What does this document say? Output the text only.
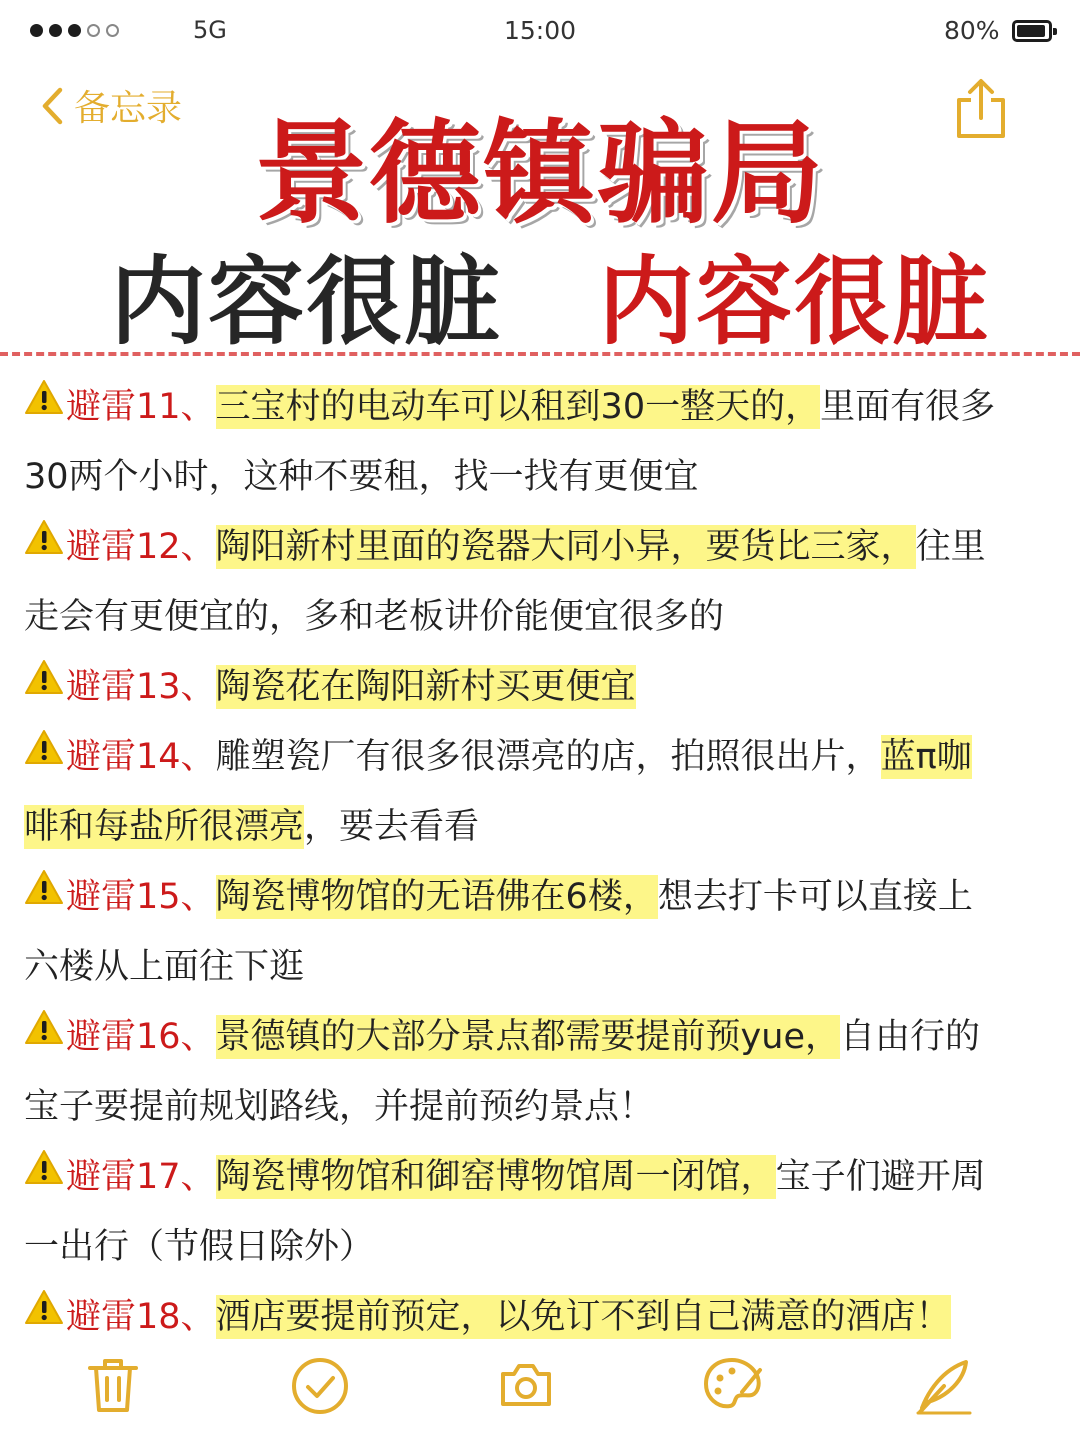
5G	15:00	80%
备忘录
景德镇骗局
内容很脏 内容很脏
避雷11、三宝村的电动车可以租到30一整天的，里面有很多
30两个小时，这种不要租，找一找有更便宜
避雷12、陶阳新村里面的瓷器大同小异，要货比三家，往里
走会有更便宜的，多和老板讲价能便宜很多的
避雷13、陶瓷花在陶阳新村买更便宜
避雷14、雕塑瓷厂有很多很漂亮的店，拍照很出片，蓝π咖
啡和每盐所很漂亮，要去看看
避雷15、陶瓷博物馆的无语佛在6楼，想去打卡可以直接上
六楼从上面往下逛
避雷16、景德镇的大部分景点都需要提前预yue，自由行的
宝子要提前规划路线，并提前预约景点！
避雷17、陶瓷博物馆和御窑博物馆周一闭馆，宝子们避开周
一出行（节假日除外）
避雷18、酒店要提前预定，以免订不到自己满意的酒店！
